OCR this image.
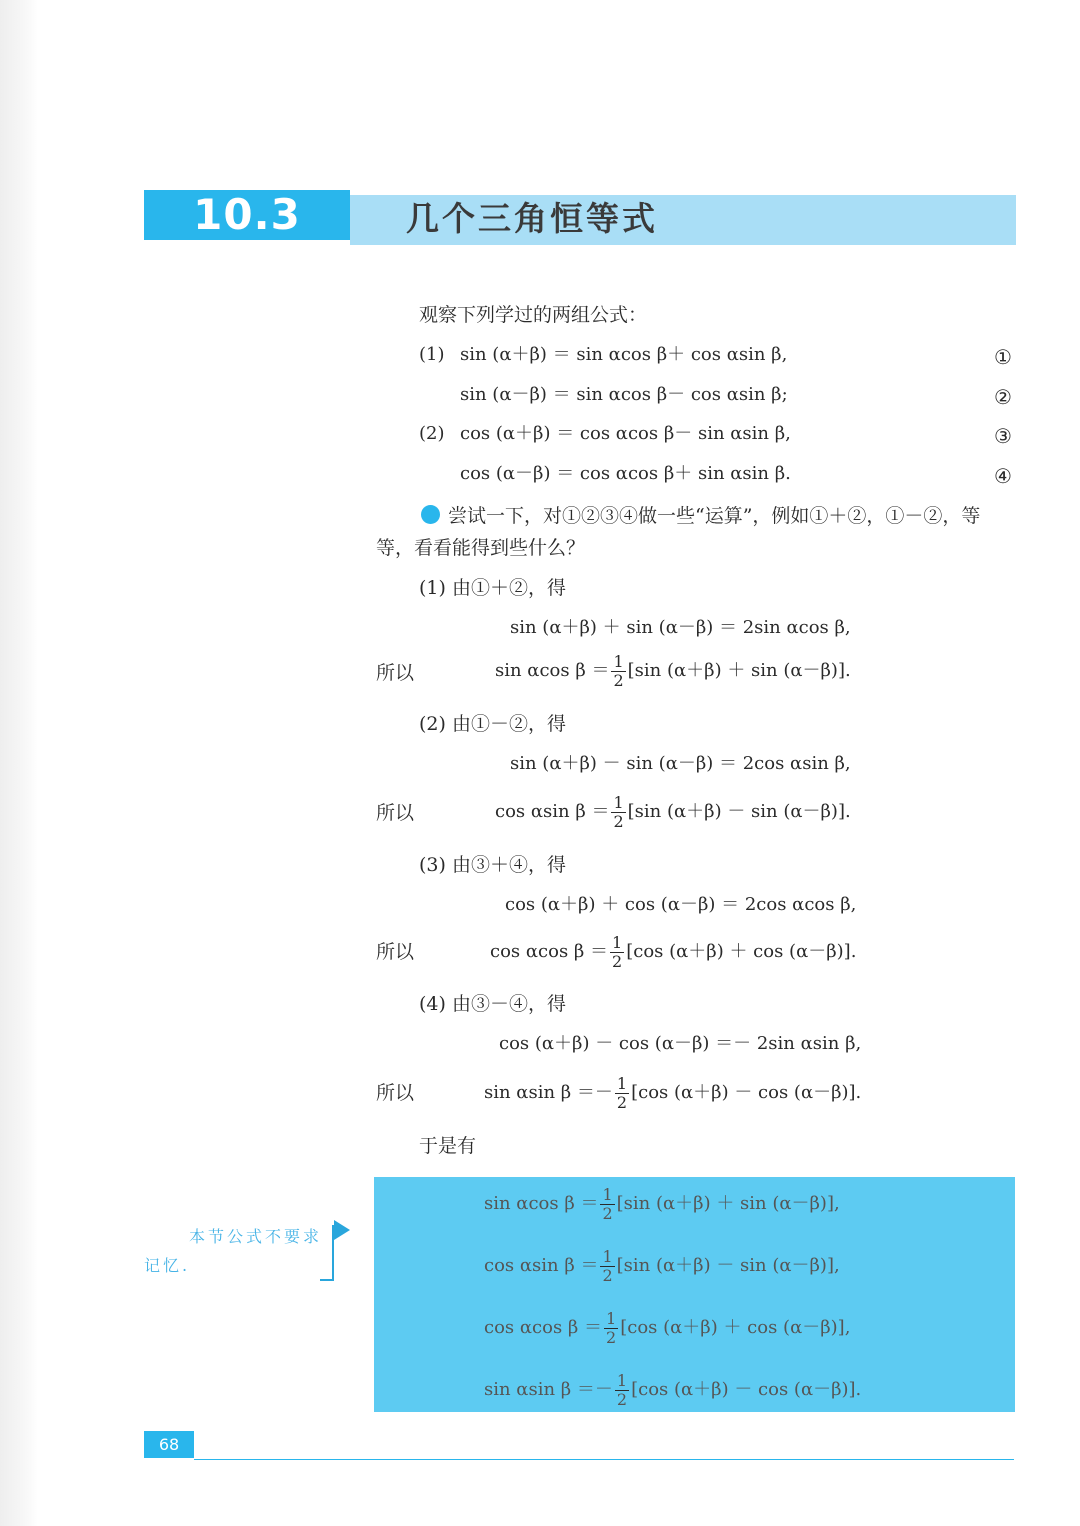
10.3	几个三角恒等式
观察下列学过的两组公式：
(1) sin (α＋β) ＝ sin αcos β＋ cos αsin β,	①
sin (α－β) ＝ sin αcos β－ cos αsin β;	②
(2) cos (α＋β) ＝ cos αcos β－ sin αsin β,	③
cos (α－β) ＝ cos αcos β＋ sin αsin β.	④
尝试一下，对①②③④做一些“运算”，例如①＋②，①－②，等
等，看看能得到些什么？
(1) 由①＋②，得
sin (α＋β) ＋ sin (α－β) ＝ 2sin αcos β,
所以	sin αcos $\beta = \frac{1}{2} [\sin$ (α＋β) ＋ sin (α－β)].
(2) 由①－②，得
sin (α＋β) － sin (α－β) ＝ 2cos αsin β,
所以	cos αsin $\beta = \frac{1}{2} [\sin$ (α＋β) － sin (α－β)].
(3) 由③＋④，得
cos (α＋β) ＋ cos (α－β) ＝ 2cos αcos β,
所以	cos αcos $\beta = \frac{1}{2} [\cos$ (α＋β) ＋ cos (α－β)].
(4) 由③－④，得
cos (α＋β) － cos (α－β) ＝－ 2sin αsin β,
所以	sin αsin $\beta =- \frac{1}{2} [\cos$ (α＋β) － cos (α－β)].
于是有
sin αcos $\beta = \frac{1}{2} [\sin$ (α＋β) ＋ sin (α－β)],
cos αsin $\beta = \frac{1}{2} [\sin$ (α＋β) － sin (α－β)],
cos αcos $\beta = \frac{1}{2} [\cos$ (α＋β) ＋ cos (α－β)],
sin αsin $\beta =- \frac{1}{2} [\cos$ (α＋β) － cos (α－β)].
本节公式不要求
记忆.
68
